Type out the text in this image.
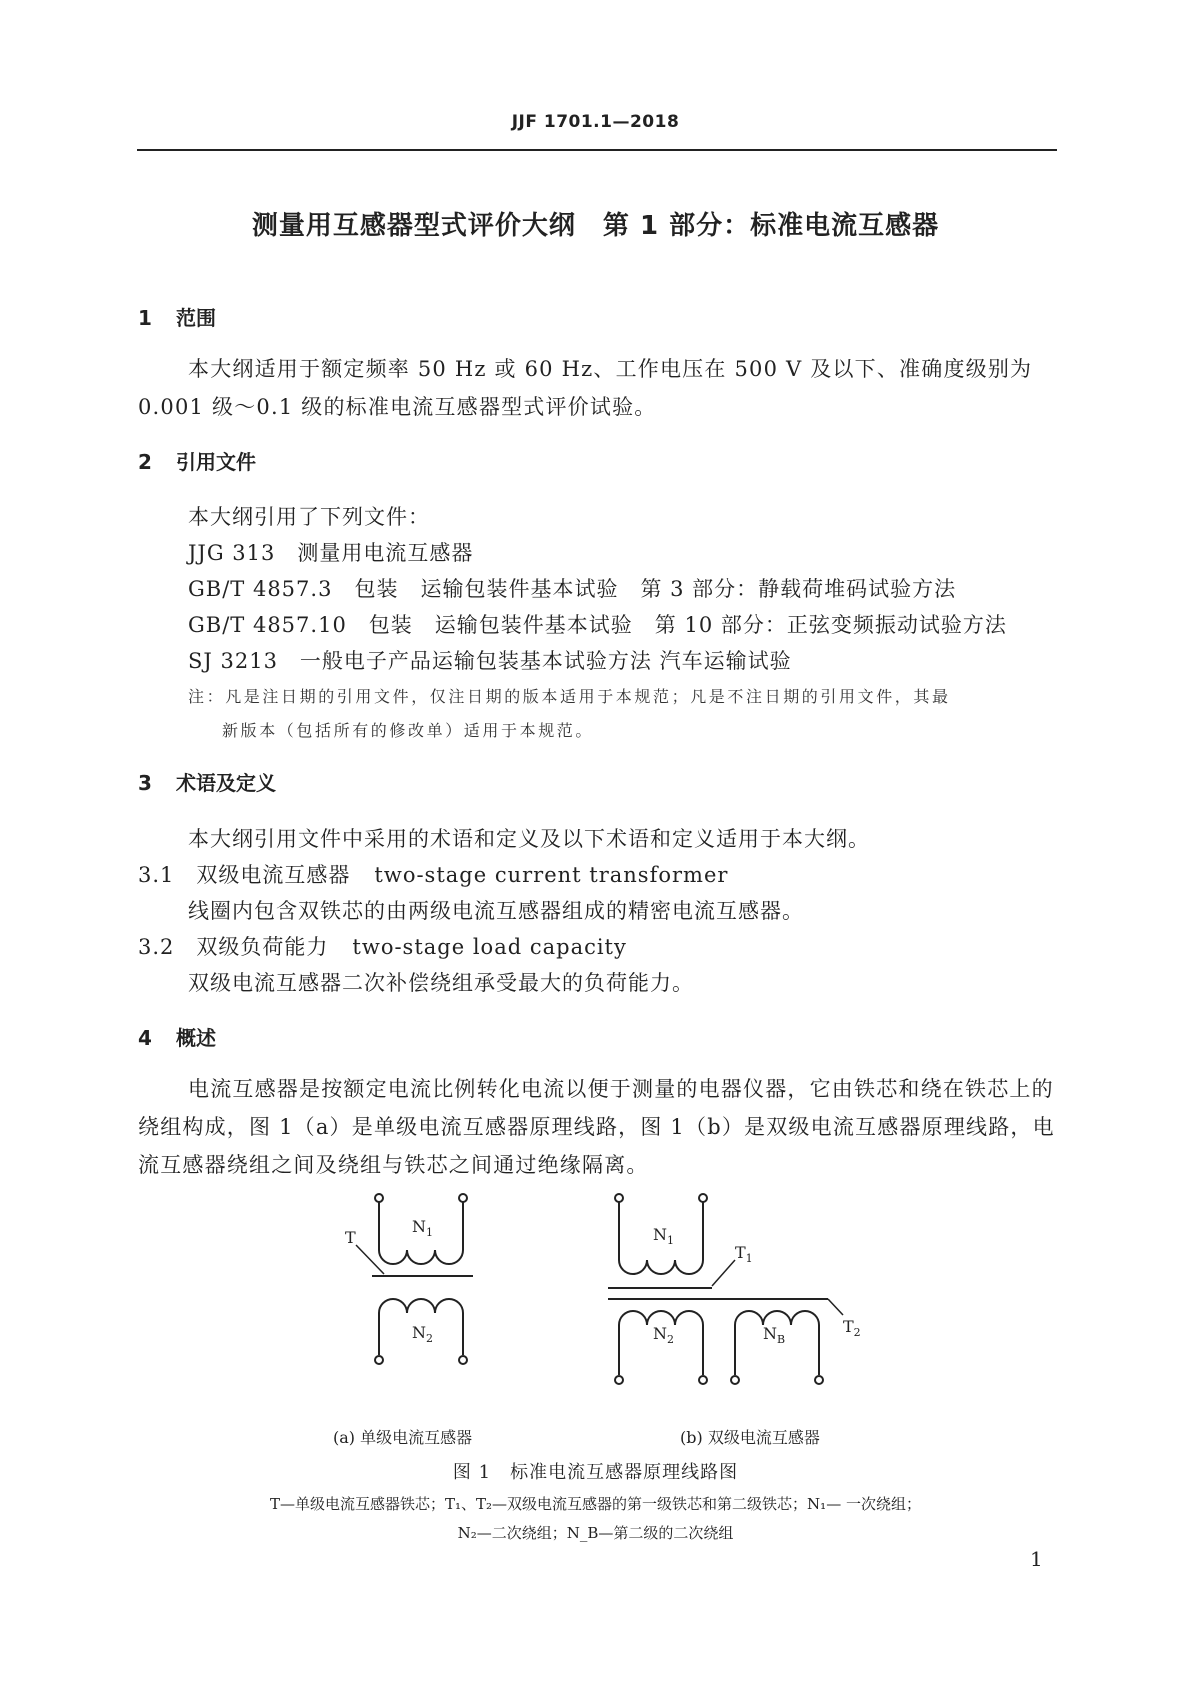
JJF 1701.1—2018
测量用互感器型式评价大纲　第 1 部分：标准电流互感器
1 范围
本大纲适用于额定频率 50 Hz 或 60 Hz、工作电压在 500 V 及以下、准确度级别为 0.001 级～0.1 级的标准电流互感器型式评价试验。
2 引用文件
本大纲引用了下列文件：
JJG 313　测量用电流互感器
GB/T 4857.3　包装　运输包装件基本试验　第 3 部分：静载荷堆码试验方法
GB/T 4857.10　包装　运输包装件基本试验　第 10 部分：正弦变频振动试验方法
SJ 3213　一般电子产品运输包装基本试验方法 汽车运输试验
注：凡是注日期的引用文件，仅注日期的版本适用于本规范；凡是不注日期的引用文件，其最
新版本（包括所有的修改单）适用于本规范。
3 术语及定义
本大纲引用文件中采用的术语和定义及以下术语和定义适用于本大纲。
3.1 双级电流互感器 two-stage current transformer
线圈内包含双铁芯的由两级电流互感器组成的精密电流互感器。
3.2 双级负荷能力 two-stage load capacity
双级电流互感器二次补偿绕组承受最大的负荷能力。
4 概述
电流互感器是按额定电流比例转化电流以便于测量的电器仪器，它由铁芯和绕在铁芯上的绕组构成，图 1（a）是单级电流互感器原理线路，图 1（b）是双级电流互感器原理线路，电流互感器绕组之间及绕组与铁芯之间通过绝缘隔离。
T
$N_1$
$N_2$
$N_1$
$T_1$
$T_2$
$N_2$	$N_B$
(a) 单级电流互感器	(b) 双级电流互感器
图 1　标准电流互感器原理线路图
T—单级电流互感器铁芯；T₁、T₂—双级电流互感器的第一级铁芯和第二级铁芯；N₁— 一次绕组；
N₂—二次绕组；N_B—第二级的二次绕组
1
